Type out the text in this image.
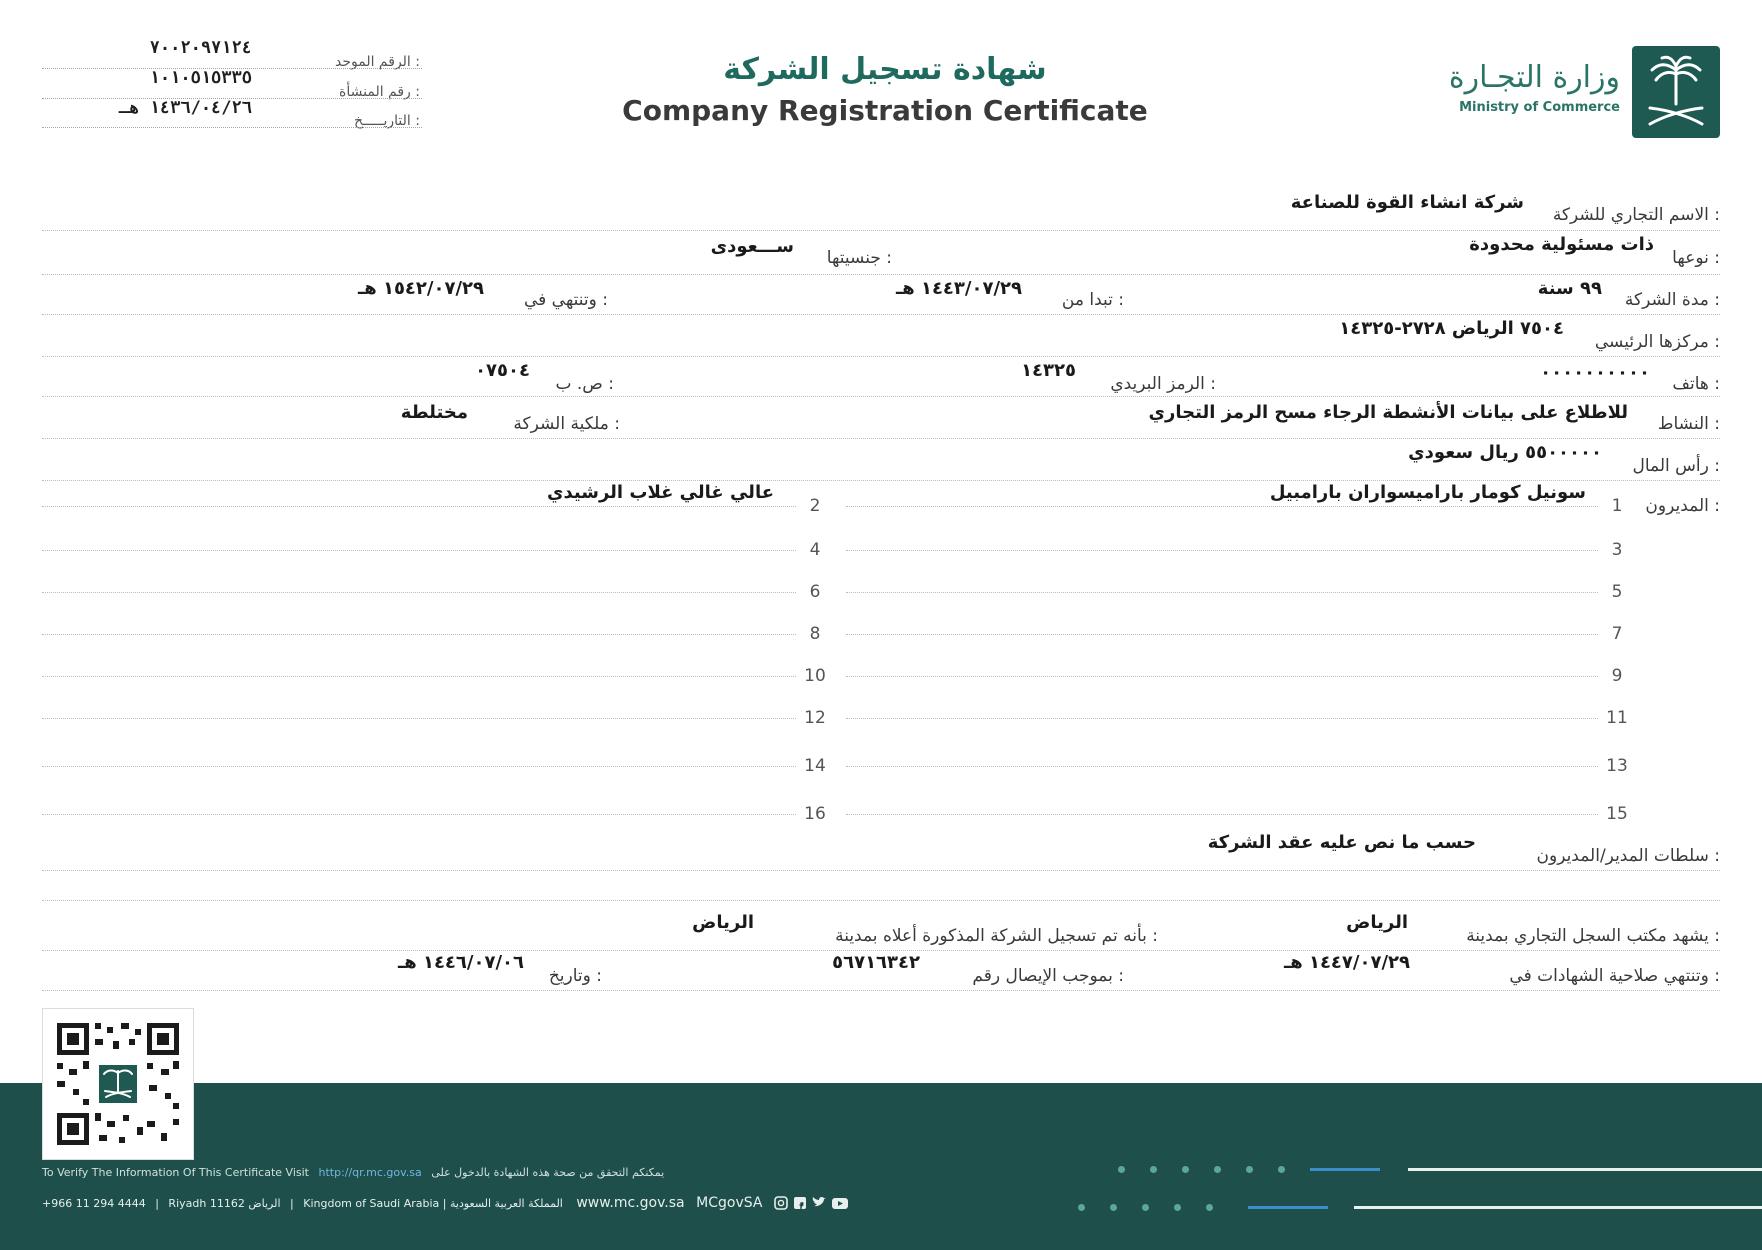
وزارة التجـارة
Ministry of Commerce
شهادة تسجيل الشركة
Company Registration Certificate
الرقم الموحد :
٧٠٠٢٠٩٧١٢٤
رقم المنشأة :
١٠١٠٥١٥٣٣٥
التاريـــــخ :
١٤٣٦/٠٤/٢٦ هـ
الاسم التجاري للشركة :
شركة انشاء القوة للصناعة
نوعها :
ذات مسئولية محدودة
جنسيتها :
ســـعودى
مدة الشركة :
٩٩ سنة
تبدا من :
١٤٤٣/٠٧/٢٩ هـ
وتنتهي في :
١٥٤٢/٠٧/٢٩ هـ
مركزها الرئيسي :
٧٥٠٤ الرياض ٢٧٢٨-١٤٣٢٥
هاتف :
٠٠٠٠٠٠٠٠٠٠
الرمز البريدي :
١٤٣٢٥
ص. ب :
٠٧٥٠٤
النشاط :
للاطلاع على بيانات الأنشطة الرجاء مسح الرمز التجاري
ملكية الشركة :
مختلطة
رأس المال :
٥٥٠٠٠٠٠ ريال سعودي
المديرون :
1
سونيل كومار باراميسواران بارامبيل
2
عالي غالي غلاب الرشيدي
3
4
5
6
7
8
9
10
11
12
13
14
15
16
سلطات المدير/المديرون :
حسب ما نص عليه عقد الشركة
يشهد مكتب السجل التجاري بمدينة :
الرياض
بأنه تم تسجيل الشركة المذكورة أعلاه بمدينة :
الرياض
وتنتهي صلاحية الشهادات في :
١٤٤٧/٠٧/٢٩ هـ
بموجب الإيصال رقم :
٥٦٧١٦٣٤٢
وتاريخ :
١٤٤٦/٠٧/٠٦ هـ
To Verify The Information Of This Certificate Visit http://qr.mc.gov.sa يمكنكم التحقق من صحة هذه الشهادة بالدخول على
+966 11 294 4444 | Riyadh 11162 الرياض | Kingdom of Saudi Arabia | المملكة العربية السعودية www.mc.gov.sa MCgovSA
